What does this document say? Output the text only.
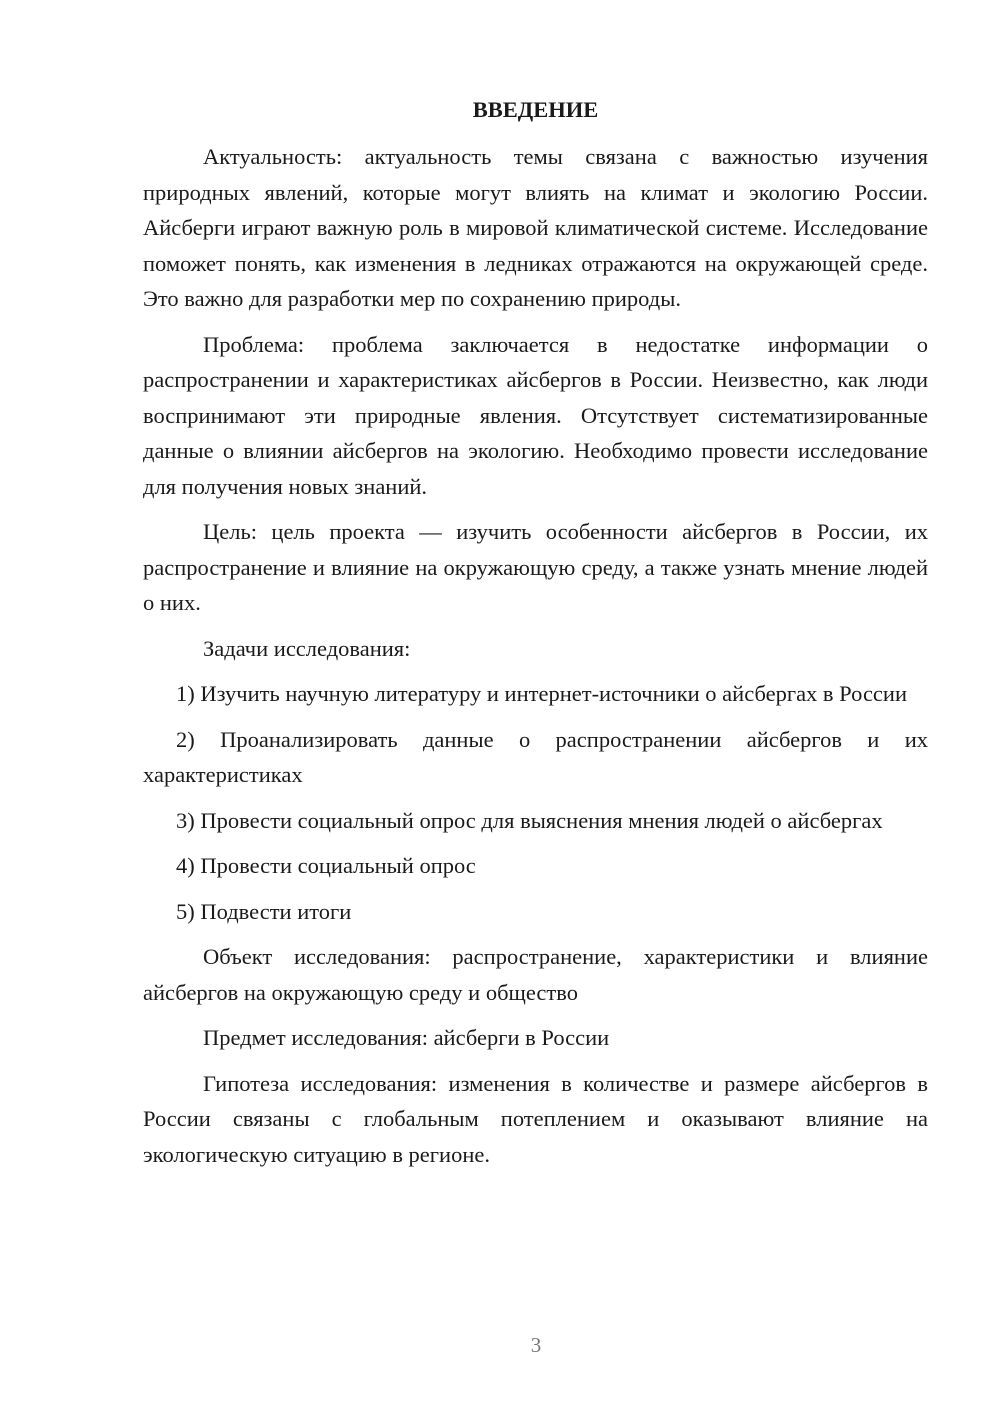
ВВЕДЕНИЕ

Актуальность: актуальность темы связана с важностью изучения природных явлений, которые могут влиять на климат и экологию России. Айсберги играют важную роль в мировой климатической системе. Исследование поможет понять, как изменения в ледниках отражаются на окружающей среде. Это важно для разработки мер по сохранению природы.

Проблема: проблема заключается в недостатке информации о распространении и характеристиках айсбергов в России. Неизвестно, как люди воспринимают эти природные явления. Отсутствует систематизированные данные о влиянии айсбергов на экологию. Необходимо провести исследование для получения новых знаний.

Цель: цель проекта — изучить особенности айсбергов в России, их распространение и влияние на окружающую среду, а также узнать мнение людей о них.

Задачи исследования:

1) Изучить научную литературу и интернет-источники о айсбергах в России

2) Проанализировать данные о распространении айсбергов и их характеристиках

3) Провести социальный опрос для выяснения мнения людей о айсбергах

4) Провести социальный опрос

5) Подвести итоги

Объект исследования: распространение, характеристики и влияние айсбергов на окружающую среду и общество

Предмет исследования: айсберги в России

Гипотеза исследования: изменения в количестве и размере айсбергов в России связаны с глобальным потеплением и оказывают влияние на экологическую ситуацию в регионе.

3
